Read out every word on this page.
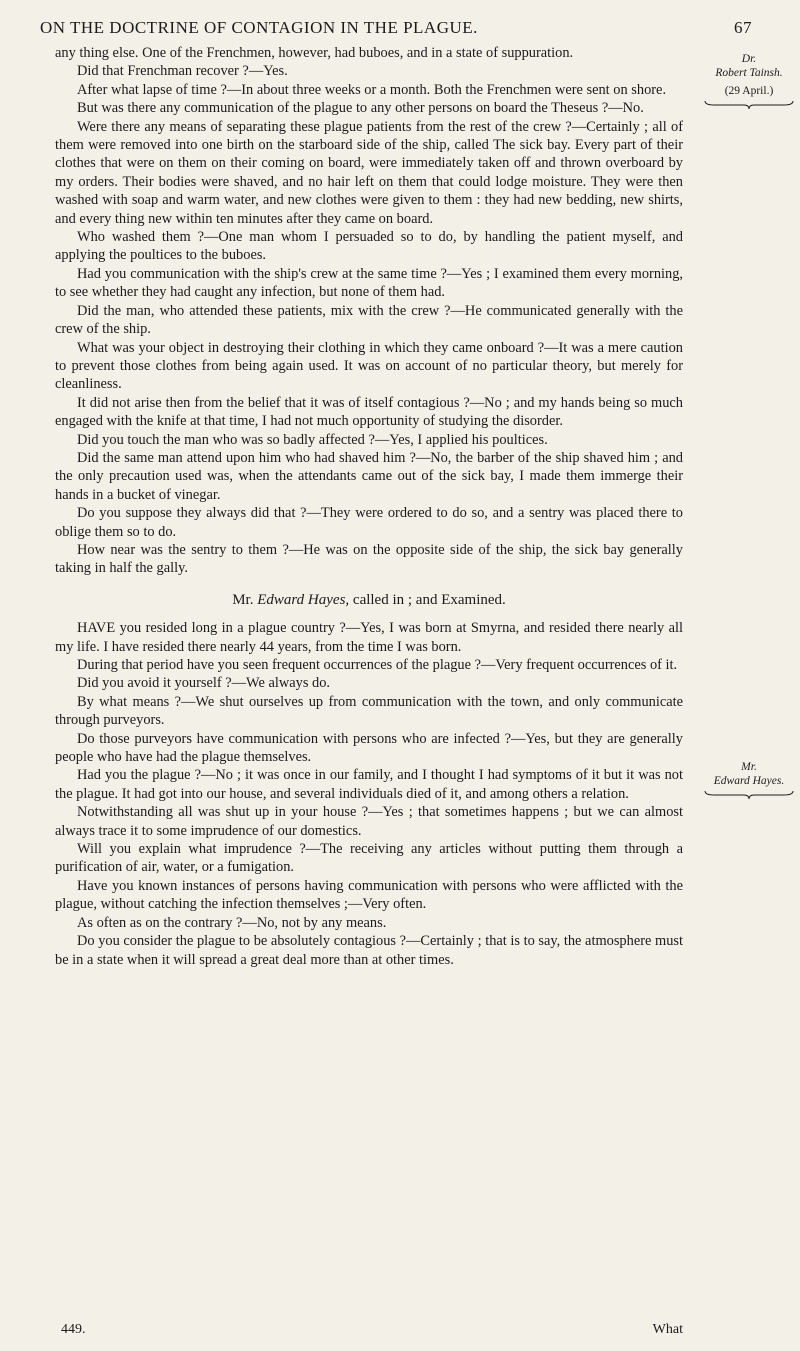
ON THE DOCTRINE OF CONTAGION IN THE PLAGUE.	67
Dr.
Robert Tainsh.
(29 April.)
Mr.
Edward Hayes.

any thing else. One of the Frenchmen, however, had buboes, and in a state of suppuration.

Did that Frenchman recover ?—Yes.

After what lapse of time ?—In about three weeks or a month. Both the Frenchmen were sent on shore.

But was there any communication of the plague to any other persons on board the Theseus ?—No.

Were there any means of separating these plague patients from the rest of the crew ?—Certainly ; all of them were removed into one birth on the starboard side of the ship, called The sick bay. Every part of their clothes that were on them on their coming on board, were immediately taken off and thrown overboard by my orders. Their bodies were shaved, and no hair left on them that could lodge moisture. They were then washed with soap and warm water, and new clothes were given to them : they had new bedding, new shirts, and every thing new within ten minutes after they came on board.

Who washed them ?—One man whom I persuaded so to do, by handling the patient myself, and applying the poultices to the buboes.

Had you communication with the ship's crew at the same time ?—Yes ; I examined them every morning, to see whether they had caught any infection, but none of them had.

Did the man, who attended these patients, mix with the crew ?—He communicated generally with the crew of the ship.

What was your object in destroying their clothing in which they came onboard ?—It was a mere caution to prevent those clothes from being again used. It was on account of no particular theory, but merely for cleanliness.

It did not arise then from the belief that it was of itself contagious ?—No ; and my hands being so much engaged with the knife at that time, I had not much opportunity of studying the disorder.

Did you touch the man who was so badly affected ?—Yes, I applied his poultices.

Did the same man attend upon him who had shaved him ?—No, the barber of the ship shaved him ; and the only precaution used was, when the attendants came out of the sick bay, I made them immerge their hands in a bucket of vinegar.

Do you suppose they always did that ?—They were ordered to do so, and a sentry was placed there to oblige them so to do.

How near was the sentry to them ?—He was on the opposite side of the ship, the sick bay generally taking in half the gally.

Mr. Edward Hayes, called in ; and Examined.

HAVE you resided long in a plague country ?—Yes, I was born at Smyrna, and resided there nearly all my life. I have resided there nearly 44 years, from the time I was born.

During that period have you seen frequent occurrences of the plague ?—Very frequent occurrences of it.

Did you avoid it yourself ?—We always do.

By what means ?—We shut ourselves up from communication with the town, and only communicate through purveyors.

Do those purveyors have communication with persons who are infected ?—Yes, but they are generally people who have had the plague themselves.

Had you the plague ?—No ; it was once in our family, and I thought I had symptoms of it but it was not the plague. It had got into our house, and several individuals died of it, and among others a relation.

Notwithstanding all was shut up in your house ?—Yes ; that sometimes happens ; but we can almost always trace it to some imprudence of our domestics.

Will you explain what imprudence ?—The receiving any articles without putting them through a purification of air, water, or a fumigation.

Have you known instances of persons having communication with persons who were afflicted with the plague, without catching the infection themselves ;—Very often.

As often as on the contrary ?—No, not by any means.

Do you consider the plague to be absolutely contagious ?—Certainly ; that is to say, the atmosphere must be in a state when it will spread a great deal more than at other times.

449.	What
